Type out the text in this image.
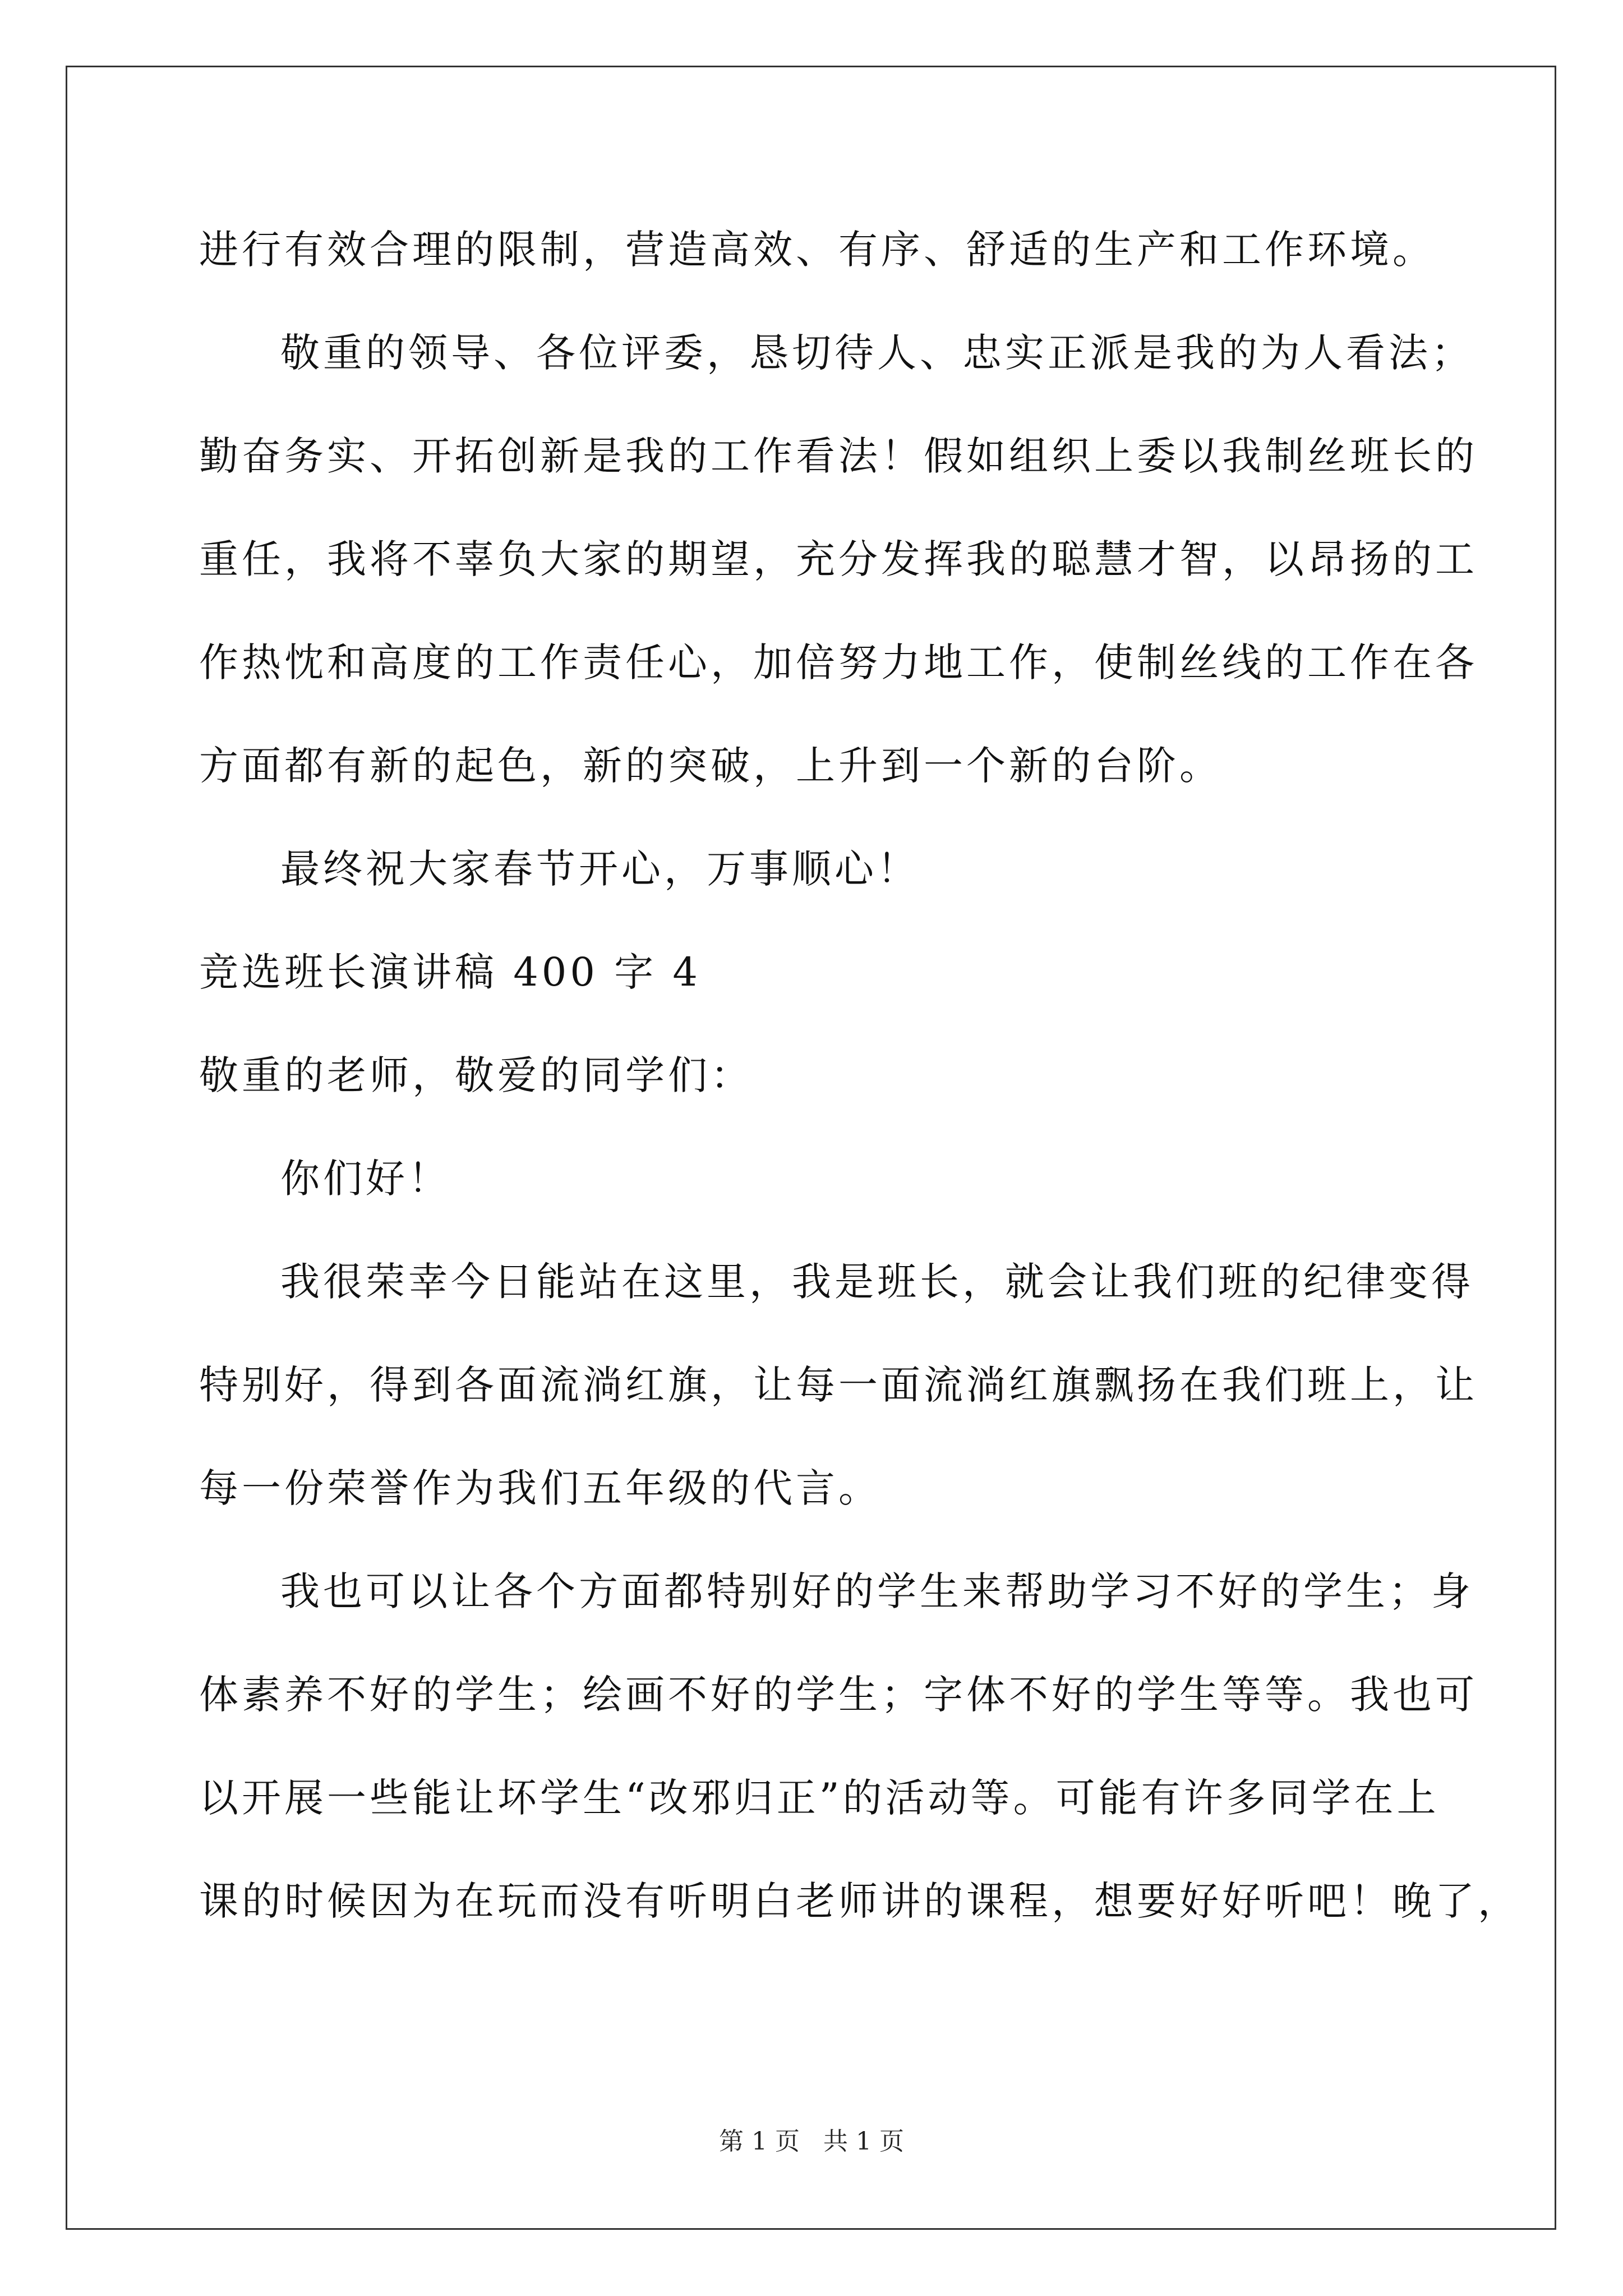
进行有效合理的限制，营造高效、有序、舒适的生产和工作环境。
敬重的领导、各位评委，恳切待人、忠实正派是我的为人看法；
勤奋务实、开拓创新是我的工作看法！假如组织上委以我制丝班长的
重任，我将不辜负大家的期望，充分发挥我的聪慧才智，以昂扬的工
作热忱和高度的工作责任心，加倍努力地工作，使制丝线的工作在各
方面都有新的起色，新的突破，上升到一个新的台阶。
最终祝大家春节开心，万事顺心！
竞选班长演讲稿 400 字 4
敬重的老师，敬爱的同学们：
你们好！
我很荣幸今日能站在这里，我是班长，就会让我们班的纪律变得
特别好，得到各面流淌红旗，让每一面流淌红旗飘扬在我们班上，让
每一份荣誉作为我们五年级的代言。
我也可以让各个方面都特别好的学生来帮助学习不好的学生；身
体素养不好的学生；绘画不好的学生；字体不好的学生等等。我也可
以开展一些能让坏学生“改邪归正”的活动等。可能有许多同学在上
课的时候因为在玩而没有听明白老师讲的课程，想要好好听吧！晚了，
第 1 页 共 1 页
